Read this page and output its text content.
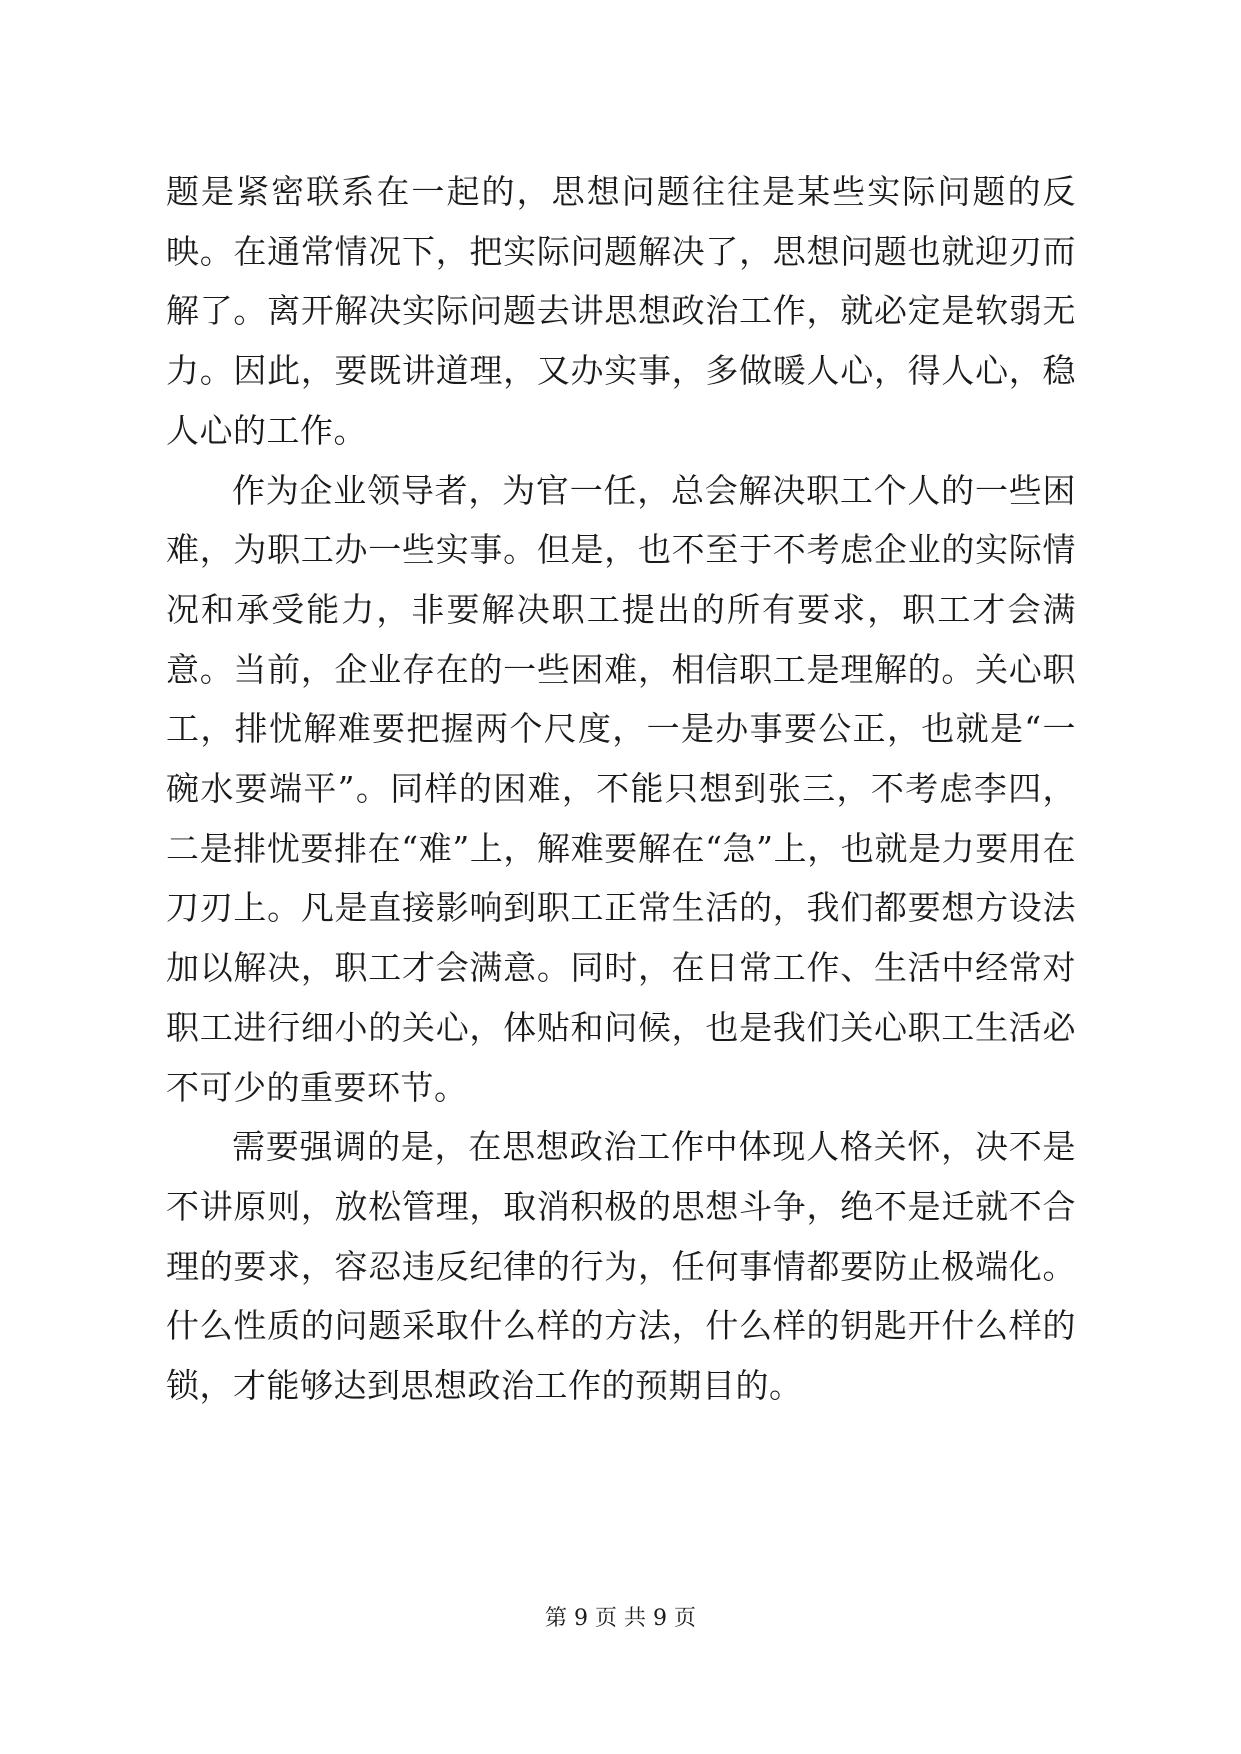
题是紧密联系在一起的，思想问题往往是某些实际问题的反映。在通常情况下，把实际问题解决了，思想问题也就迎刃而解了。离开解决实际问题去讲思想政治工作，就必定是软弱无力。因此，要既讲道理，又办实事，多做暖人心，得人心，稳人心的工作。

作为企业领导者，为官一任，总会解决职工个人的一些困难，为职工办一些实事。但是，也不至于不考虑企业的实际情况和承受能力，非要解决职工提出的所有要求，职工才会满意。当前，企业存在的一些困难，相信职工是理解的。关心职工，排忧解难要把握两个尺度，一是办事要公正，也就是“一碗水要端平”。同样的困难，不能只想到张三，不考虑李四，二是排忧要排在“难”上，解难要解在“急”上，也就是力要用在刀刃上。凡是直接影响到职工正常生活的，我们都要想方设法加以解决，职工才会满意。同时，在日常工作、生活中经常对职工进行细小的关心，体贴和问候，也是我们关心职工生活必不可少的重要环节。

需要强调的是，在思想政治工作中体现人格关怀，决不是不讲原则，放松管理，取消积极的思想斗争，绝不是迁就不合理的要求，容忍违反纪律的行为，任何事情都要防止极端化。什么性质的问题采取什么样的方法，什么样的钥匙开什么样的锁，才能够达到思想政治工作的预期目的。

第 9 页 共 9 页
